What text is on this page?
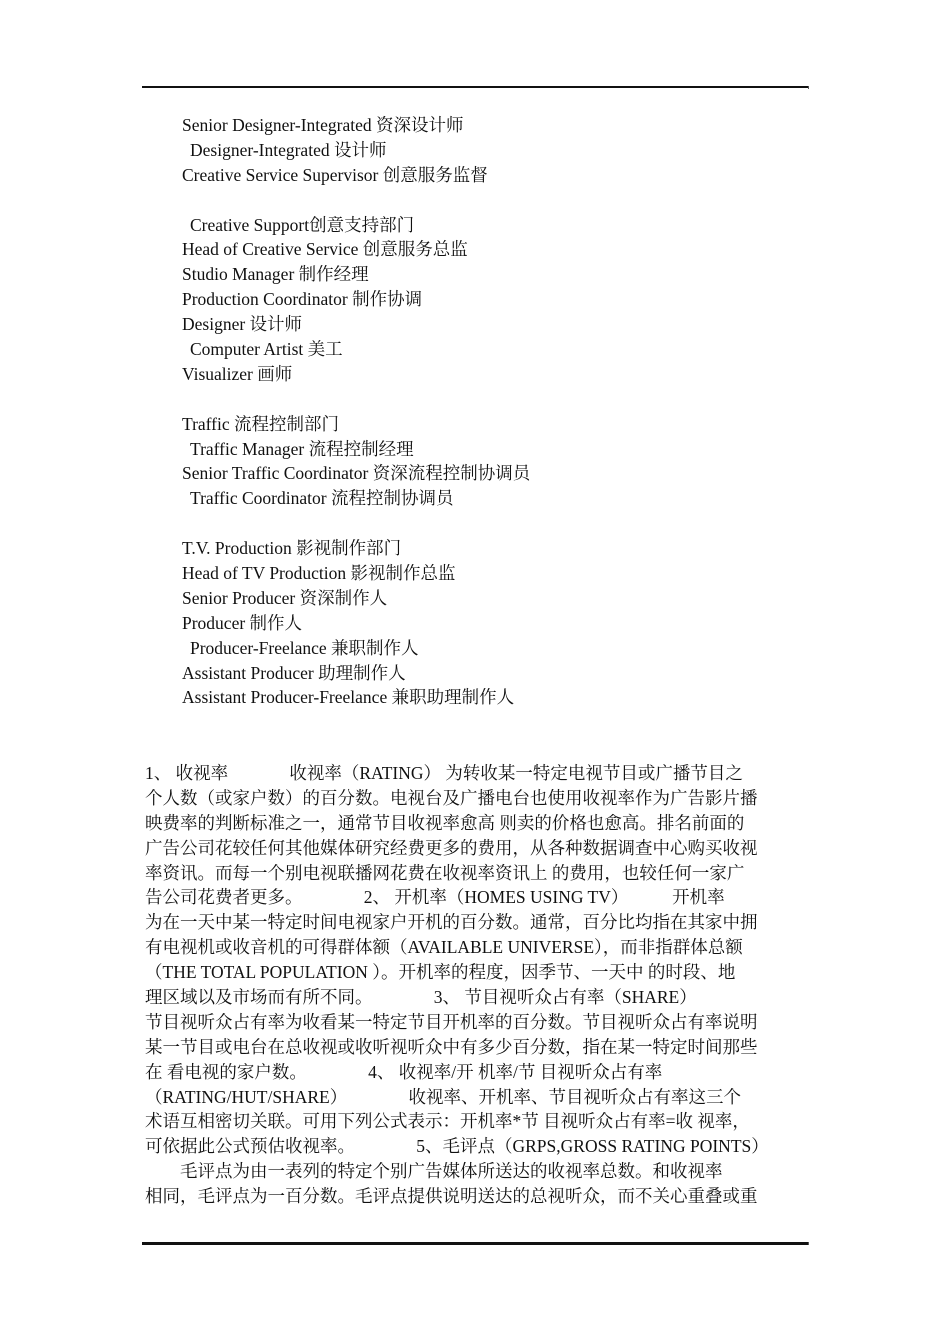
Senior Designer-Integrated 资深设计师
Designer-Integrated 设计师
Creative Service Supervisor 创意服务监督
Creative Support创意支持部门
Head of Creative Service 创意服务总监
Studio Manager 制作经理
Production Coordinator 制作协调
Designer 设计师
Computer Artist 美工
Visualizer 画师
Traffic 流程控制部门
Traffic Manager 流程控制经理
Senior Traffic Coordinator 资深流程控制协调员
Traffic Coordinator 流程控制协调员
T.V. Production 影视制作部门
Head of TV Production 影视制作总监
Senior Producer 资深制作人
Producer 制作人
Producer-Freelance 兼职制作人
Assistant Producer 助理制作人
Assistant Producer-Freelance 兼职助理制作人
1、 收视率              收视率（RATING） 为转收某一特定电视节目或广播节目之
个人数（或家户数）的百分数。电视台及广播电台也使用收视率作为广告影片播
映费率的判断标准之一，通常节目收视率愈高 则卖的价格也愈高。排名前面的
广告公司花较任何其他媒体研究经费更多的费用，从各种数据调查中心购买收视
率资讯。而每一个别电视联播网花费在收视率资讯上 的费用，也较任何一家广
告公司花费者更多。              2、 开机率（HOMES USING TV）          开机率
为在一天中某一特定时间电视家户开机的百分数。通常，百分比均指在其家中拥
有电视机或收音机的可得群体额（AVAILABLE UNIVERSE），而非指群体总额
（THE TOTAL POPULATION ）。开机率的程度，因季节、一天中 的时段、地
理区域以及市场而有所不同。              3、 节目视听众占有率（SHARE）
节目视听众占有率为收看某一特定节目开机率的百分数。节目视听众占有率说明
某一节目或电台在总收视或收听视听众中有多少百分数，指在某一特定时间那些
在 看电视的家户数。              4、 收视率/开 机率/节 目视听众占有率
（RATING/HUT/SHARE）              收视率、开机率、节目视听众占有率这三个
术语互相密切关联。可用下列公式表示：开机率*节 目视听众占有率=收 视率，
可依据此公式预估收视率。              5、毛评点（GRPS,GROSS RATING POINTS）
毛评点为由一表列的特定个别广告媒体所送达的收视率总数。和收视率
相同，毛评点为一百分数。毛评点提供说明送达的总视听众，而不关心重叠或重
